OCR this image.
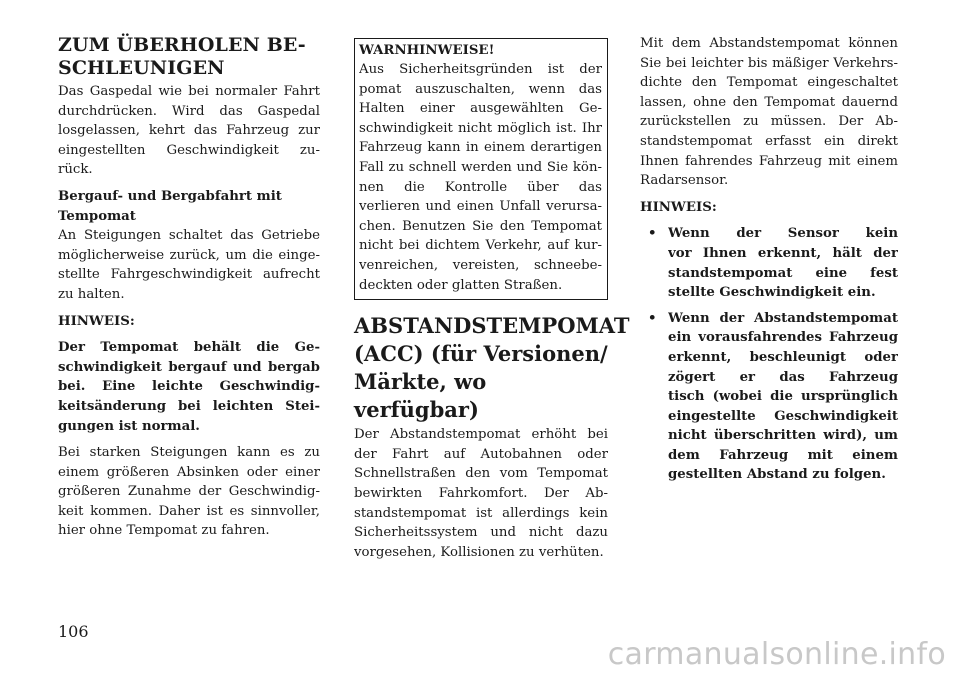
ZUM ÜBERHOLEN BE-
SCHLEUNIGEN
Das Gaspedal wie bei normaler Fahrt
durchdrücken. Wird das Gaspedal
losgelassen, kehrt das Fahrzeug zur
eingestellten Geschwindigkeit zu-
rück.
Bergauf- und Bergabfahrt mit
Tempomat
An Steigungen schaltet das Getriebe
möglicherweise zurück, um die einge-
stellte Fahrgeschwindigkeit aufrecht
zu halten.
HINWEIS:
Der Tempomat behält die Ge-
schwindigkeit bergauf und bergab
bei. Eine leichte Geschwindig-
keitsänderung bei leichten Stei-
gungen ist normal.
Bei starken Steigungen kann es zu
einem größeren Absinken oder einer
größeren Zunahme der Geschwindig-
keit kommen. Daher ist es sinnvoller,
hier ohne Tempomat zu fahren.
WARNHINWEISE!
Aus Sicherheitsgründen ist der
pomat auszuschalten, wenn das
Halten einer ausgewählten Ge-
schwindigkeit nicht möglich ist. Ihr
Fahrzeug kann in einem derartigen
Fall zu schnell werden und Sie kön-
nen die Kontrolle über das
verlieren und einen Unfall verursa-
chen. Benutzen Sie den Tempomat
nicht bei dichtem Verkehr, auf kur-
venreichen, vereisten, schneebe-
deckten oder glatten Straßen.
ABSTANDSTEMPOMAT
(ACC) (für Versionen/
Märkte, wo verfügbar)
Der Abstandstempomat erhöht bei
der Fahrt auf Autobahnen oder
Schnellstraßen den vom Tempomat
bewirkten Fahrkomfort. Der Ab-
standstempomat ist allerdings kein
Sicherheitssystem und nicht dazu
vorgesehen, Kollisionen zu verhüten.
Mit dem Abstandstempomat können
Sie bei leichter bis mäßiger Verkehrs-
dichte den Tempomat eingeschaltet
lassen, ohne den Tempomat dauernd
zurückstellen zu müssen. Der Ab-
standstempomat erfasst ein direkt
Ihnen fahrendes Fahrzeug mit einem
Radarsensor.
HINWEIS:
• Wenn der Sensor kein
vor Ihnen erkennt, hält der
standstempomat eine fest
stellte Geschwindigkeit ein.
• Wenn der Abstandstempomat
ein vorausfahrendes Fahrzeug
erkennt, beschleunigt oder
zögert er das Fahrzeug
tisch (wobei die ursprünglich
eingestellte Geschwindigkeit
nicht überschritten wird), um
dem Fahrzeug mit einem
gestellten Abstand zu folgen.
106
carmanualsonline.info
